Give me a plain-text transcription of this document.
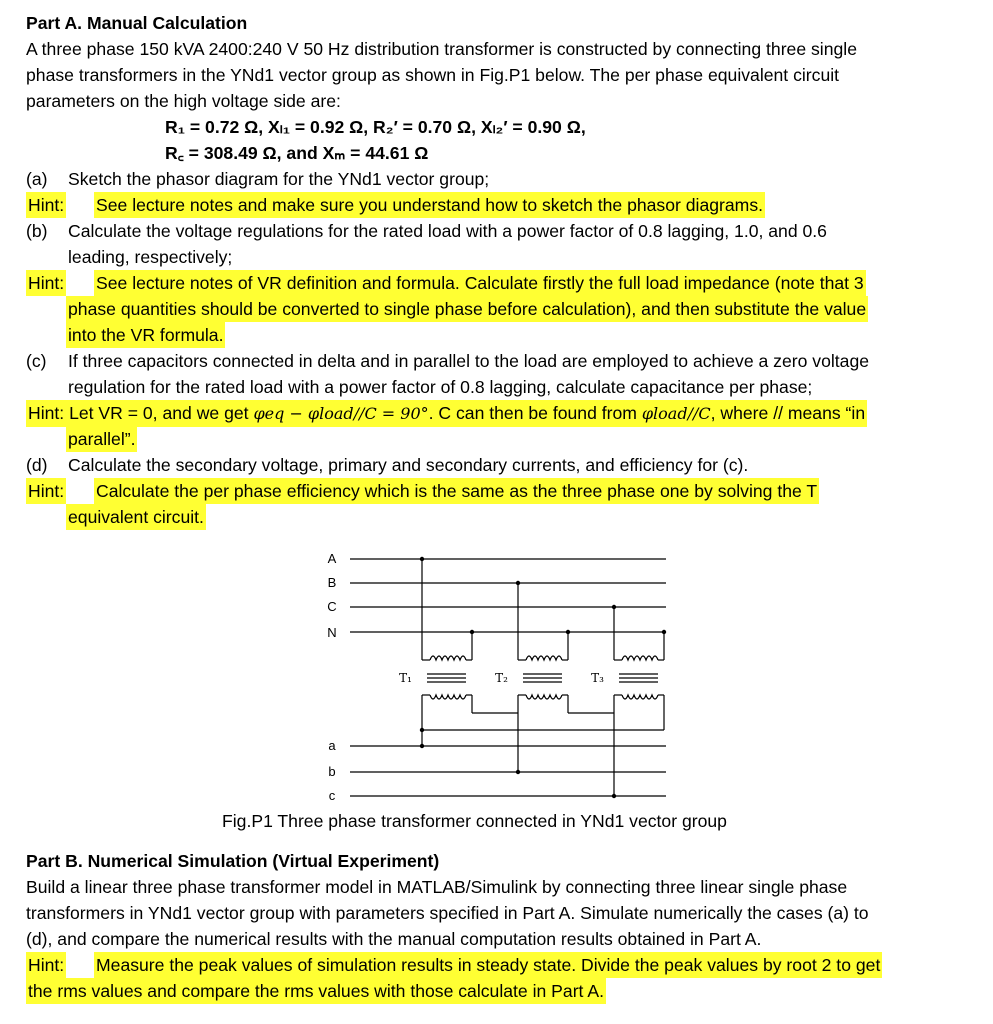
Part A. Manual Calculation
A three phase 150 kVA 2400:240 V 50 Hz distribution transformer is constructed by connecting three single
phase transformers in the YNd1 vector group as shown in Fig.P1 below. The per phase equivalent circuit
parameters on the high voltage side are:
R₁ = 0.72 Ω, Xₗ₁ = 0.92 Ω, R₂′ = 0.70 Ω, Xₗ₂′ = 0.90 Ω,
R꜀ = 308.49 Ω, and Xₘ = 44.61 Ω
(a) Sketch the phasor diagram for the YNd1 vector group;
Hint: See lecture notes and make sure you understand how to sketch the phasor diagrams.
(b) Calculate the voltage regulations for the rated load with a power factor of 0.8 lagging, 1.0, and 0.6
leading, respectively;
Hint: See lecture notes of VR definition and formula. Calculate firstly the full load impedance (note that 3
phase quantities should be converted to single phase before calculation), and then substitute the value
into the VR formula.
(c) If three capacitors connected in delta and in parallel to the load are employed to achieve a zero voltage
regulation for the rated load with a power factor of 0.8 lagging, calculate capacitance per phase;
Hint: Let VR = 0, and we get φeq − φload//C = 90°. C can then be found from φload//C, where // means “in
parallel”.
(d) Calculate the secondary voltage, primary and secondary currents, and efficiency for (c).
Hint: Calculate the per phase efficiency which is the same as the three phase one by solving the T
equivalent circuit.
A
B
C
N
a
b
c
T₁	T₂	T₃
Fig.P1 Three phase transformer connected in YNd1 vector group
Part B. Numerical Simulation (Virtual Experiment)
Build a linear three phase transformer model in MATLAB/Simulink by connecting three linear single phase
transformers in YNd1 vector group with parameters specified in Part A. Simulate numerically the cases (a) to
(d), and compare the numerical results with the manual computation results obtained in Part A.
Hint: Measure the peak values of simulation results in steady state. Divide the peak values by root 2 to get
the rms values and compare the rms values with those calculate in Part A.
